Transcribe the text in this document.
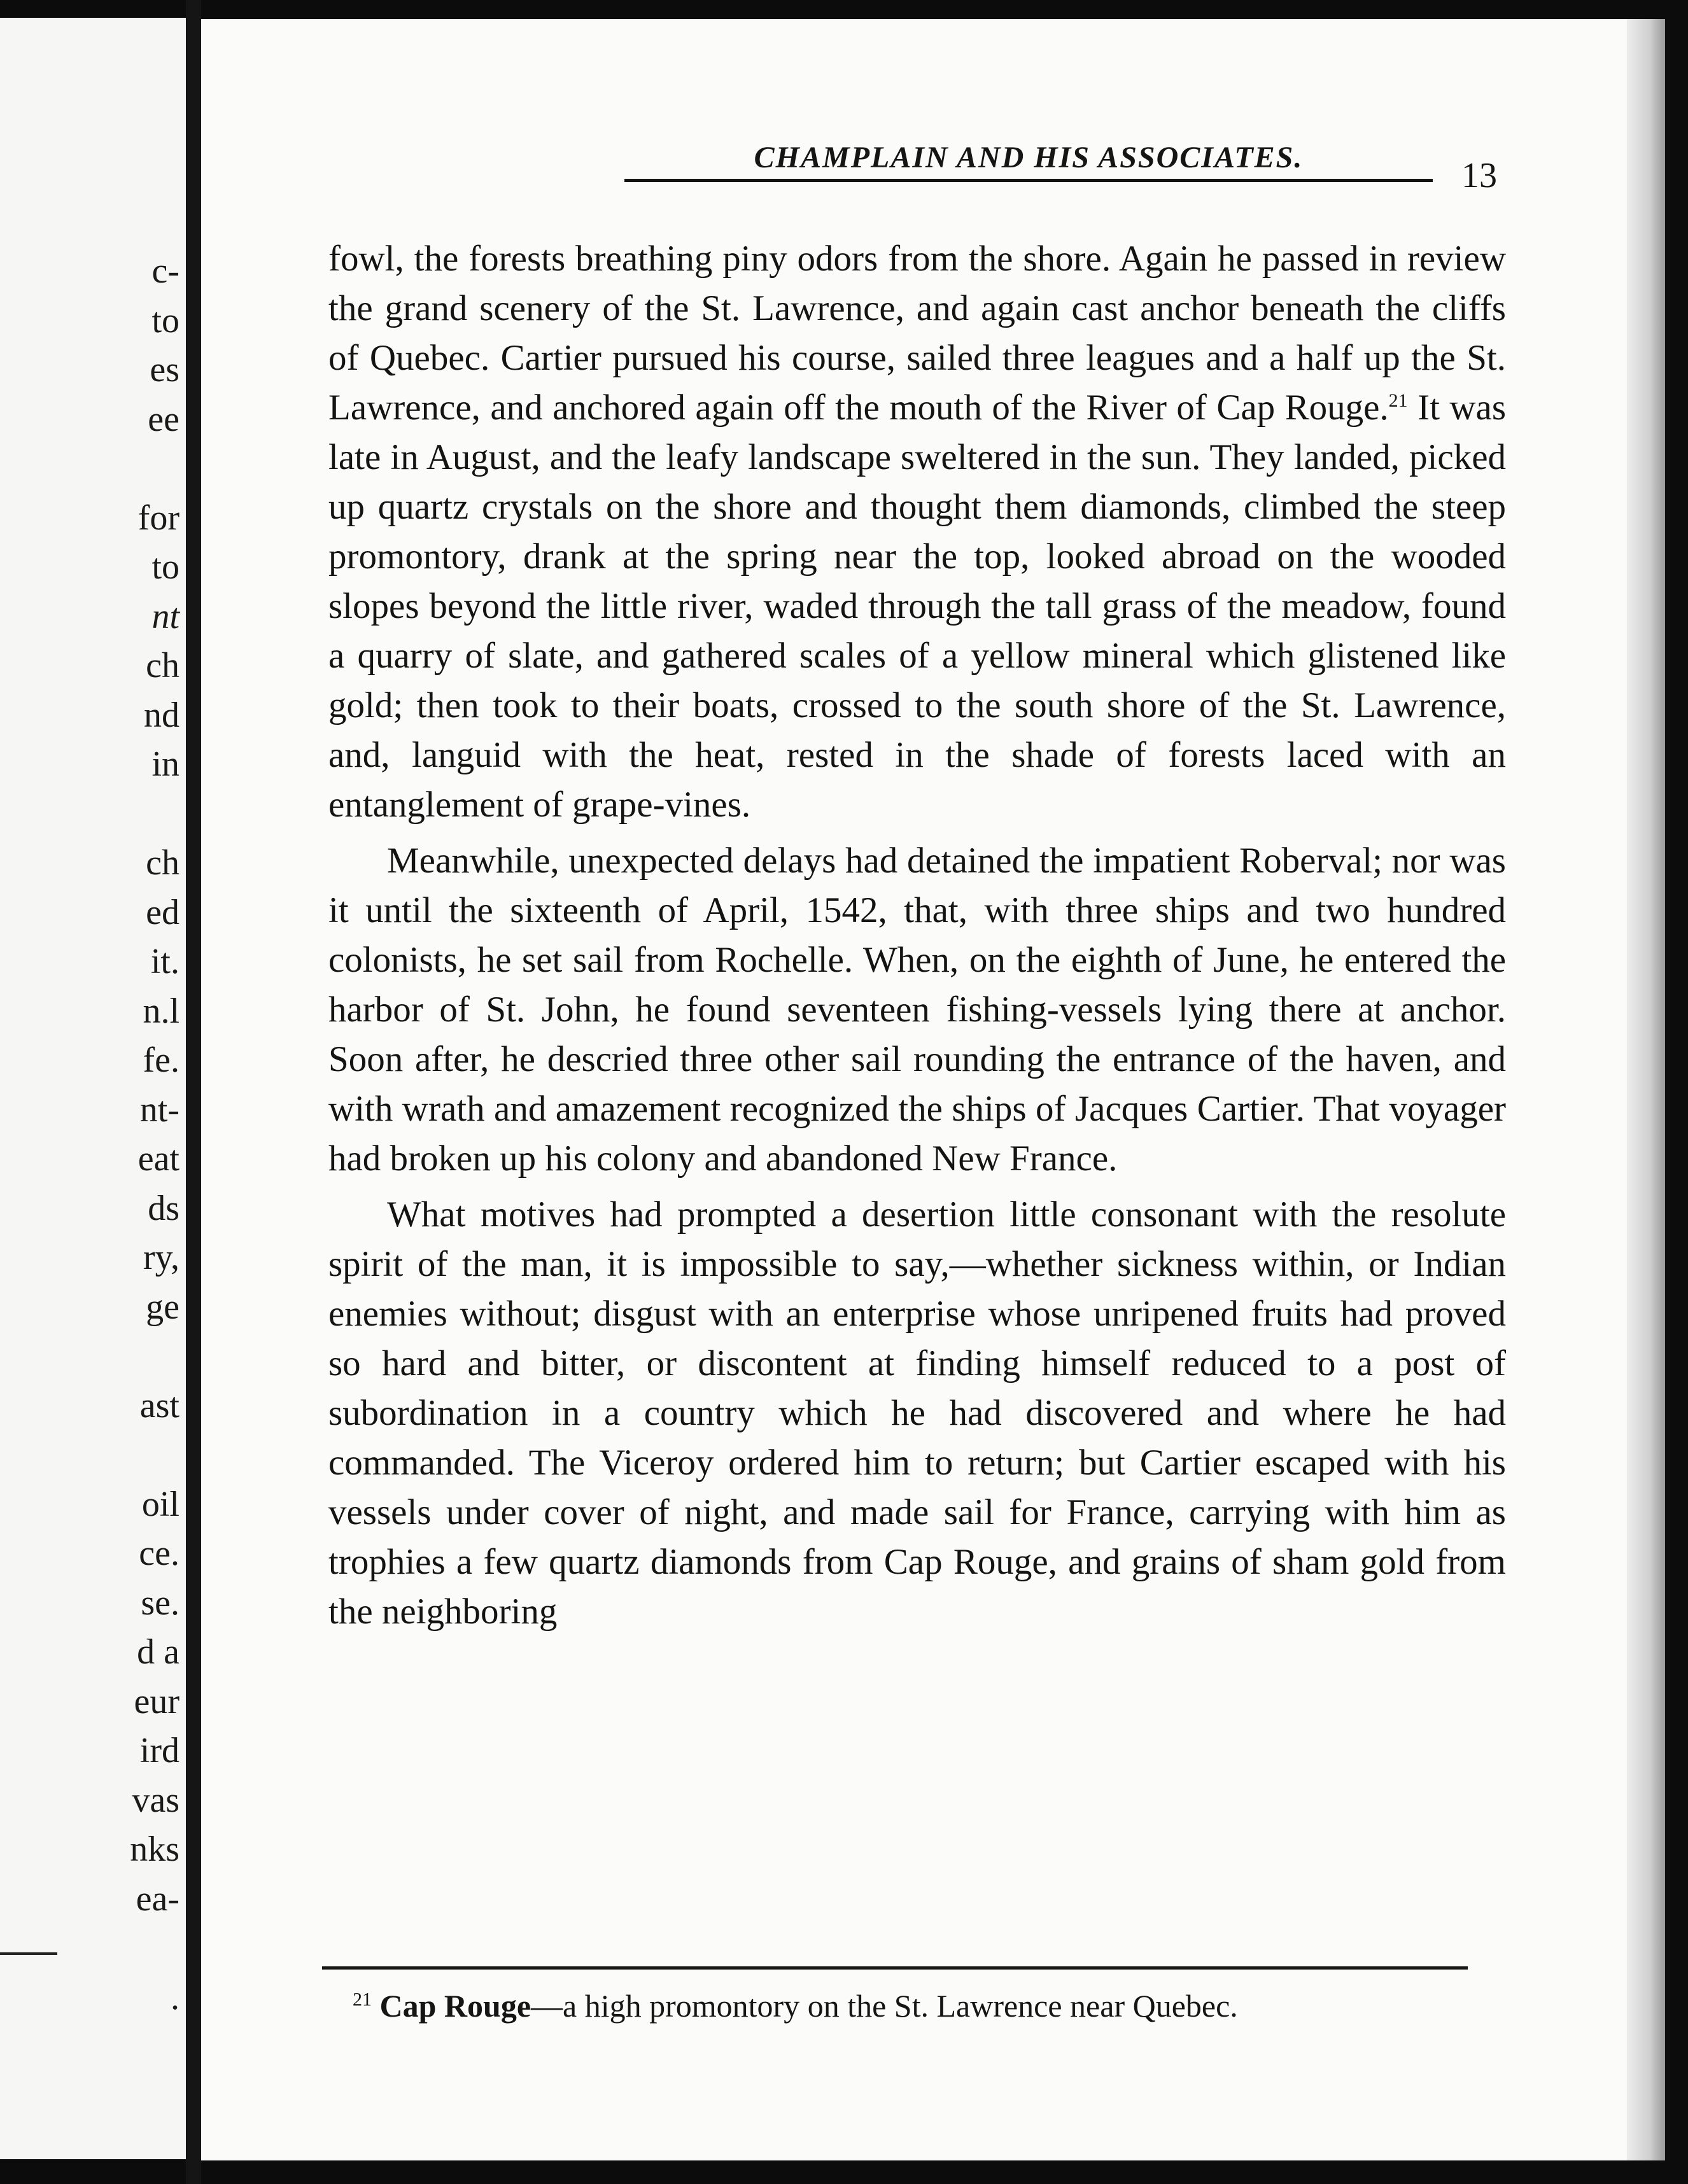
c-
to
es
ee
for
to
nt
ch
nd
in
ch
ed
it.
n.l
fe.
nt-
eat
ds
ry,
ge
ast
oil
ce.
se.
d a
eur
ird
vas
nks
ea-
.
CHAMPLAIN AND HIS ASSOCIATES.	13

fowl, the forests breathing piny odors from the shore. Again he passed in review the grand scenery of the St. Lawrence, and again cast anchor beneath the cliffs of Quebec. Cartier pursued his course, sailed three leagues and a half up the St. Lawrence, and anchored again off the mouth of the River of Cap Rouge.$^{21}$ It was late in August, and the leafy landscape sweltered in the sun. They landed, picked up quartz crystals on the shore and thought them diamonds, climbed the steep promontory, drank at the spring near the top, looked abroad on the wooded slopes beyond the little river, waded through the tall grass of the meadow, found a quarry of slate, and gathered scales of a yellow mineral which glistened like gold; then took to their boats, crossed to the south shore of the St. Lawrence, and, languid with the heat, rested in the shade of forests laced with an entanglement of grape-vines.

Meanwhile, unexpected delays had detained the impatient Roberval; nor was it until the sixteenth of April, 1542, that, with three ships and two hundred colonists, he set sail from Rochelle. When, on the eighth of June, he entered the harbor of St. John, he found seventeen fishing-vessels lying there at anchor. Soon after, he descried three other sail rounding the entrance of the haven, and with wrath and amazement recognized the ships of Jacques Cartier. That voyager had broken up his colony and abandoned New France.

What motives had prompted a desertion little consonant with the resolute spirit of the man, it is impossible to say,—whether sickness within, or Indian enemies without; disgust with an enterprise whose unripened fruits had proved so hard and bitter, or discontent at finding himself reduced to a post of subordination in a country which he had discovered and where he had commanded. The Viceroy ordered him to return; but Cartier escaped with his vessels under cover of night, and made sail for France, carrying with him as trophies a few quartz diamonds from Cap Rouge, and grains of sham gold from the neighboring

$^{21}$ Cap Rouge—a high promontory on the St. Lawrence near Quebec.
